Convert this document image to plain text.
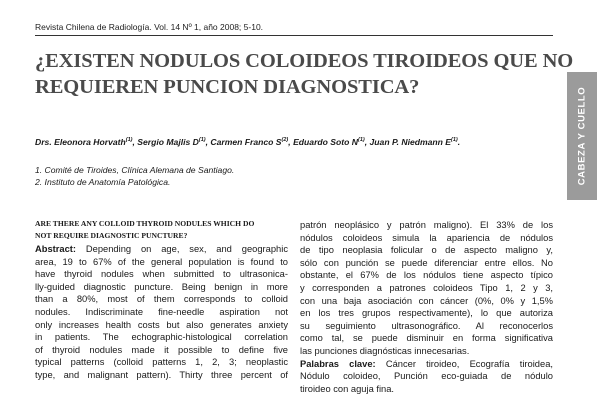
Revista Chilena de Radiología. Vol. 14 Nº 1, año 2008; 5-10.
¿EXISTEN NODULOS COLOIDEOS TIROIDEOS QUE NO
REQUIEREN PUNCION DIAGNOSTICA?	CABEZA Y CUELLO
Drs. Eleonora Horvath$^{(1)}$, Sergio Majlis $D^{(1)}$, Carmen Franco $S^{(2)}$, Eduardo Soto $N^{(1)}$, Juan P. Niedmann $E^{(1)}$.
1. Comité de Tiroides, Clínica Alemana de Santiago.
2. Instituto de Anatomía Patológica.
ARE THERE ANY COLLOID THYROID NODULES WHICH DO
NOT REQUIRE DIAGNOSTIC PUNCTURE?
Abstract: Depending on age, sex, and geographic
area, 19 to 67% of the general population is found to
have thyroid nodules when submitted to ultrasonica-
lly-guided diagnostic puncture. Being benign in more
than a 80%, most of them corresponds to colloid
nodules. Indiscriminate fine-needle aspiration not
only increases health costs but also generates anxiety
in patients. The echographic-histological correlation
of thyroid nodules made it possible to define five
typical patterns (colloid patterns 1, 2, 3; neoplastic
type, and malignant pattern). Thirty three percent of
patrón neoplásico y patrón maligno). El 33% de los
nódulos coloideos simula la apariencia de nódulos
de tipo neoplasia folicular o de aspecto maligno y,
sólo con punción se puede diferenciar entre ellos. No
obstante, el 67% de los nódulos tiene aspecto típico
y corresponden a patrones coloideos Tipo 1, 2 y 3,
con una baja asociación con cáncer (0%, 0% y 1,5%
en los tres grupos respectivamente), lo que autoriza
su seguimiento ultrasonográfico. Al reconocerlos
como tal, se puede disminuir en forma significativa
las punciones diagnósticas innecesarias.
Palabras clave: Cáncer tiroideo, Ecografía tiroidea,
Nódulo coloideo, Punción eco-guiada de nódulo
tiroideo con aguja fina.
